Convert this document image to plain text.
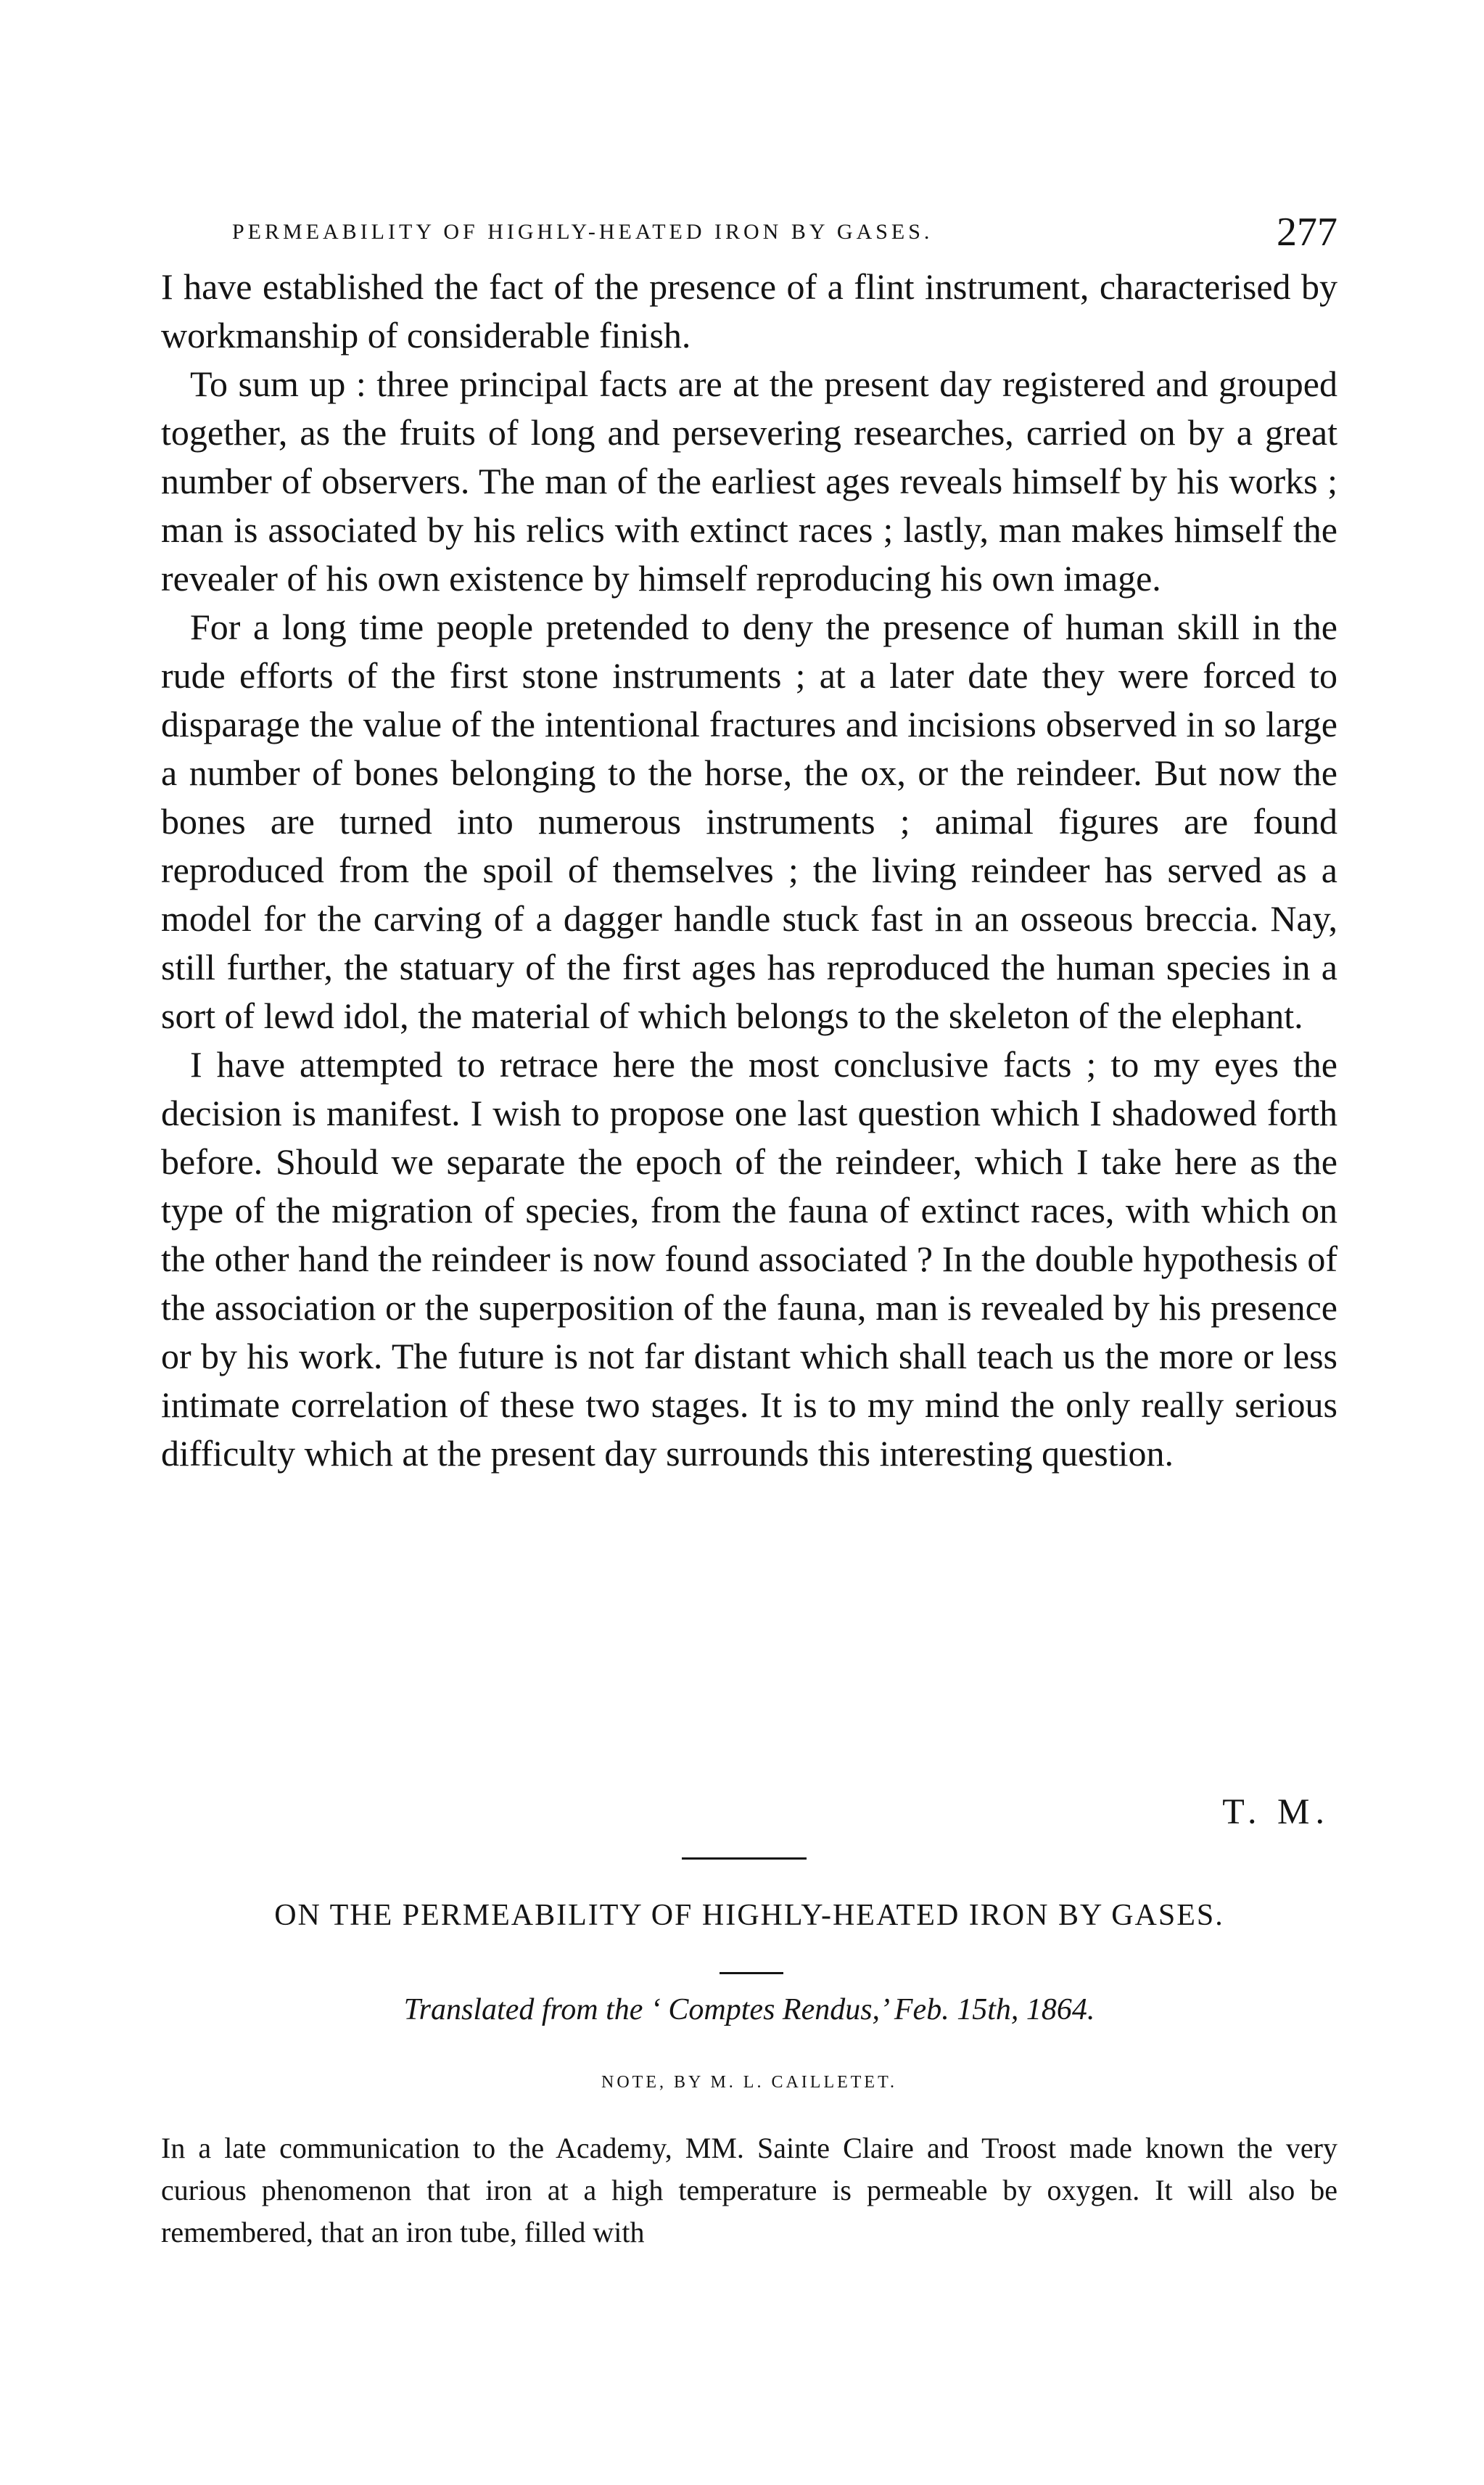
PERMEABILITY OF HIGHLY-HEATED IRON BY GASES.	277

I have established the fact of the presence of a flint instrument, characterised by workmanship of considerable finish.

To sum up : three principal facts are at the present day registered and grouped together, as the fruits of long and persevering researches, carried on by a great number of observers. The man of the earliest ages reveals himself by his works ; man is associated by his relics with extinct races ; lastly, man makes himself the revealer of his own existence by himself reproducing his own image.

For a long time people pretended to deny the presence of human skill in the rude efforts of the first stone instruments ; at a later date they were forced to disparage the value of the intentional fractures and incisions observed in so large a number of bones belonging to the horse, the ox, or the reindeer. But now the bones are turned into numerous instruments ; animal figures are found reproduced from the spoil of themselves ; the living reindeer has served as a model for the carving of a dagger handle stuck fast in an osseous breccia. Nay, still further, the statuary of the first ages has reproduced the human species in a sort of lewd idol, the material of which belongs to the skeleton of the elephant.

I have attempted to retrace here the most conclusive facts ; to my eyes the decision is manifest. I wish to propose one last question which I shadowed forth before. Should we separate the epoch of the reindeer, which I take here as the type of the migration of species, from the fauna of extinct races, with which on the other hand the reindeer is now found associated ? In the double hypothesis of the association or the superposition of the fauna, man is revealed by his presence or by his work. The future is not far distant which shall teach us the more or less intimate correlation of these two stages. It is to my mind the only really serious difficulty which at the present day surrounds this interesting question.

T. M.
ON THE PERMEABILITY OF HIGHLY-HEATED IRON BY GASES.
Translated from the ‘ Comptes Rendus,’ Feb. 15th, 1864.
NOTE, BY M. L. CAILLETET.

In a late communication to the Academy, MM. Sainte Claire and Troost made known the very curious phenomenon that iron at a high temperature is permeable by oxygen. It will also be remembered, that an iron tube, filled with
